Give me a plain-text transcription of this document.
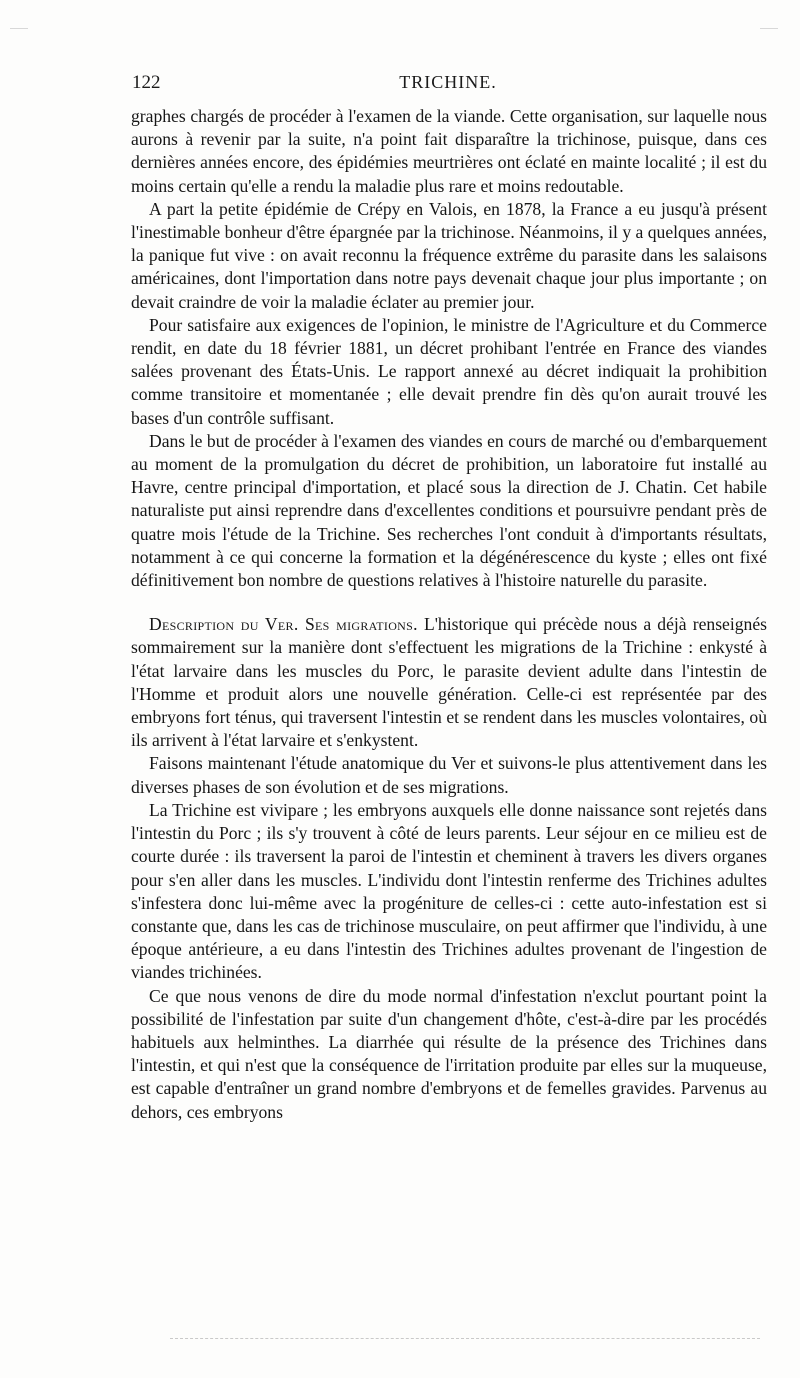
122	TRICHINE.

graphes chargés de procéder à l'examen de la viande. Cette organisation, sur laquelle nous aurons à revenir par la suite, n'a point fait disparaître la trichinose, puisque, dans ces dernières années encore, des épidémies meurtrières ont éclaté en mainte localité ; il est du moins certain qu'elle a rendu la maladie plus rare et moins redoutable.

A part la petite épidémie de Crépy en Valois, en 1878, la France a eu jusqu'à présent l'inestimable bonheur d'être épargnée par la trichinose. Néanmoins, il y a quelques années, la panique fut vive : on avait reconnu la fréquence extrême du parasite dans les salaisons américaines, dont l'importation dans notre pays devenait chaque jour plus importante ; on devait craindre de voir la maladie éclater au premier jour.

Pour satisfaire aux exigences de l'opinion, le ministre de l'Agriculture et du Commerce rendit, en date du 18 février 1881, un décret prohibant l'entrée en France des viandes salées provenant des États-Unis. Le rapport annexé au décret indiquait la prohibition comme transitoire et momentanée ; elle devait prendre fin dès qu'on aurait trouvé les bases d'un contrôle suffisant.

Dans le but de procéder à l'examen des viandes en cours de marché ou d'embarquement au moment de la promulgation du décret de prohibition, un laboratoire fut installé au Havre, centre principal d'importation, et placé sous la direction de J. Chatin. Cet habile naturaliste put ainsi reprendre dans d'excellentes conditions et poursuivre pendant près de quatre mois l'étude de la Trichine. Ses recherches l'ont conduit à d'importants résultats, notamment à ce qui concerne la formation et la dégénérescence du kyste ; elles ont fixé définitivement bon nombre de questions relatives à l'histoire naturelle du parasite.

Description du Ver. Ses migrations. L'historique qui précède nous a déjà renseignés sommairement sur la manière dont s'effectuent les migrations de la Trichine : enkysté à l'état larvaire dans les muscles du Porc, le parasite devient adulte dans l'intestin de l'Homme et produit alors une nouvelle génération. Celle-ci est représentée par des embryons fort ténus, qui traversent l'intestin et se rendent dans les muscles volontaires, où ils arrivent à l'état larvaire et s'enkystent.

Faisons maintenant l'étude anatomique du Ver et suivons-le plus attentivement dans les diverses phases de son évolution et de ses migrations.

La Trichine est vivipare ; les embryons auxquels elle donne naissance sont rejetés dans l'intestin du Porc ; ils s'y trouvent à côté de leurs parents. Leur séjour en ce milieu est de courte durée : ils traversent la paroi de l'intestin et cheminent à travers les divers organes pour s'en aller dans les muscles. L'individu dont l'intestin renferme des Trichines adultes s'infestera donc lui-même avec la progéniture de celles-ci : cette auto-infestation est si constante que, dans les cas de trichinose musculaire, on peut affirmer que l'individu, à une époque antérieure, a eu dans l'intestin des Trichines adultes provenant de l'ingestion de viandes trichinées.

Ce que nous venons de dire du mode normal d'infestation n'exclut pourtant point la possibilité de l'infestation par suite d'un changement d'hôte, c'est-à-dire par les procédés habituels aux helminthes. La diarrhée qui résulte de la présence des Trichines dans l'intestin, et qui n'est que la conséquence de l'irritation produite par elles sur la muqueuse, est capable d'entraîner un grand nombre d'embryons et de femelles gravides. Parvenus au dehors, ces embryons
